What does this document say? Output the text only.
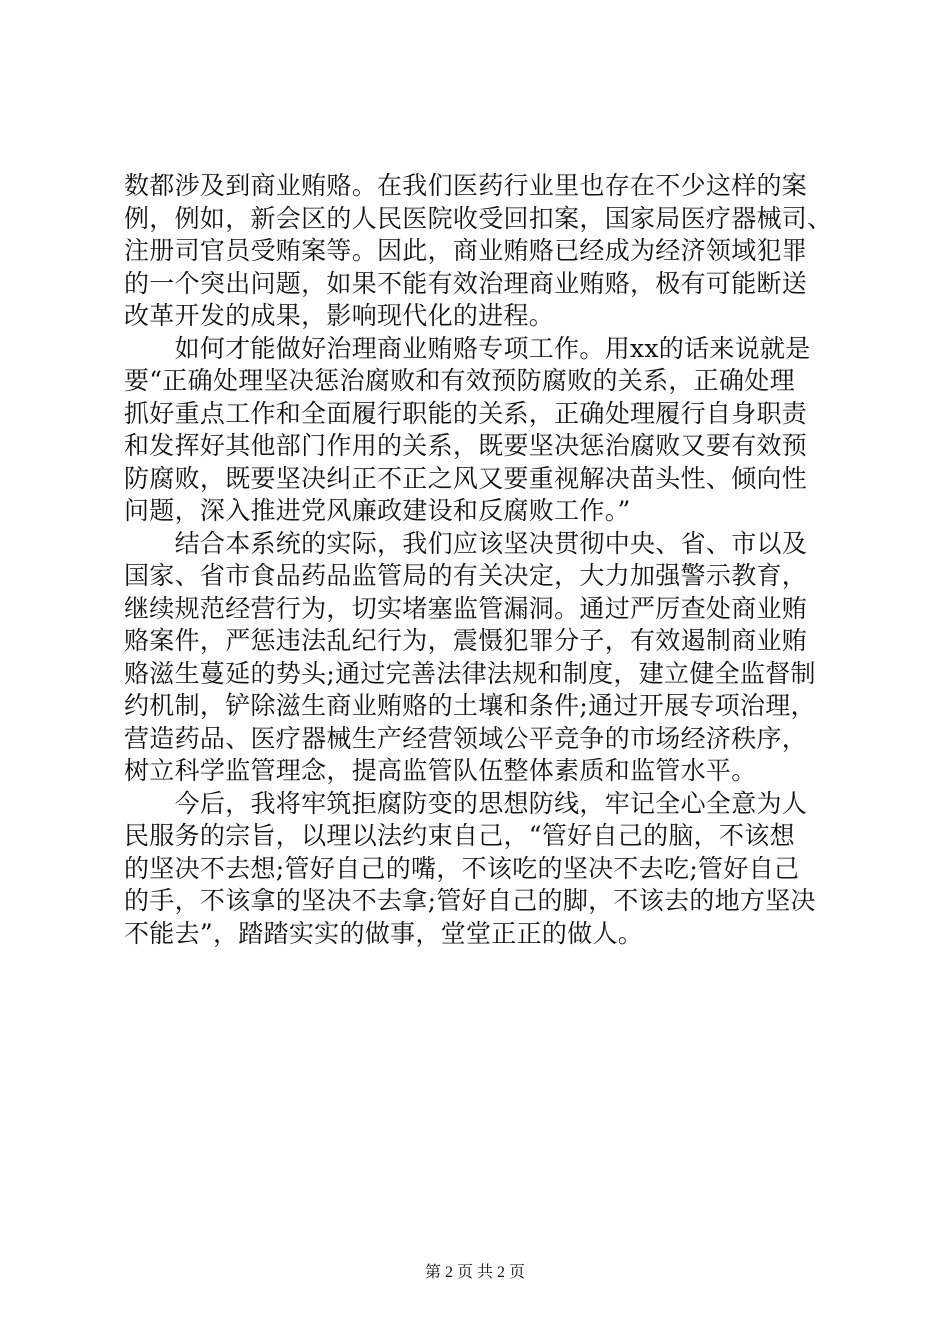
数都涉及到商业贿赂。在我们医药行业里也存在不少这样的案
例，例如，新会区的人民医院收受回扣案，国家局医疗器械司、
注册司官员受贿案等。因此，商业贿赂已经成为经济领域犯罪
的一个突出问题，如果不能有效治理商业贿赂，极有可能断送
改革开发的成果，影响现代化的进程。
　　如何才能做好治理商业贿赂专项工作。用xx的话来说就是
要“正确处理坚决惩治腐败和有效预防腐败的关系，正确处理
抓好重点工作和全面履行职能的关系，正确处理履行自身职责
和发挥好其他部门作用的关系，既要坚决惩治腐败又要有效预
防腐败，既要坚决纠正不正之风又要重视解决苗头性、倾向性
问题，深入推进党风廉政建设和反腐败工作。”
　　结合本系统的实际，我们应该坚决贯彻中央、省、市以及
国家、省市食品药品监管局的有关决定，大力加强警示教育，
继续规范经营行为，切实堵塞监管漏洞。通过严厉查处商业贿
赂案件，严惩违法乱纪行为，震慑犯罪分子，有效遏制商业贿
赂滋生蔓延的势头;通过完善法律法规和制度，建立健全监督制
约机制，铲除滋生商业贿赂的土壤和条件;通过开展专项治理，
营造药品、医疗器械生产经营领域公平竞争的市场经济秩序，
树立科学监管理念，提高监管队伍整体素质和监管水平。
　　今后，我将牢筑拒腐防变的思想防线，牢记全心全意为人
民服务的宗旨，以理以法约束自己，“管好自己的脑，不该想
的坚决不去想;管好自己的嘴，不该吃的坚决不去吃;管好自己
的手，不该拿的坚决不去拿;管好自己的脚，不该去的地方坚决
不能去”，踏踏实实的做事，堂堂正正的做人。
第 2 页 共 2 页
